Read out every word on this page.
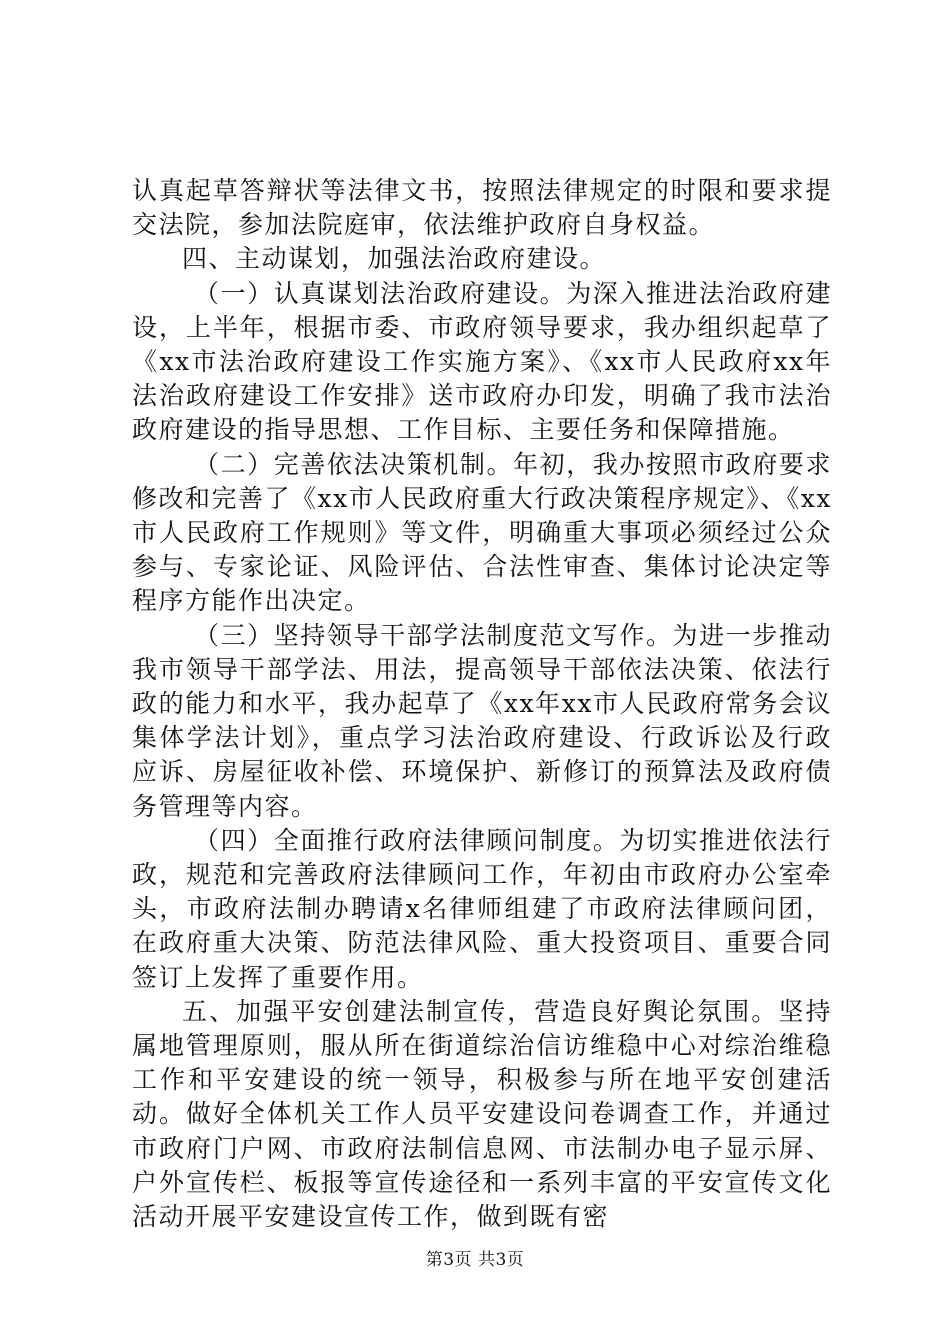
认真起草答辩状等法律文书，按照法律规定的时限和要求提交法院，参加法院庭审，依法维护政府自身权益。

四、主动谋划，加强法治政府建设。

（一）认真谋划法治政府建设。为深入推进法治政府建设，上半年，根据市委、市政府领导要求，我办组织起草了《xx市法治政府建设工作实施方案》、《xx市人民政府xx年法治政府建设工作安排》送市政府办印发，明确了我市法治政府建设的指导思想、工作目标、主要任务和保障措施。

（二）完善依法决策机制。年初，我办按照市政府要求修改和完善了《xx市人民政府重大行政决策程序规定》、《xx市人民政府工作规则》等文件，明确重大事项必须经过公众参与、专家论证、风险评估、合法性审查、集体讨论决定等程序方能作出决定。

（三）坚持领导干部学法制度范文写作。为进一步推动我市领导干部学法、用法，提高领导干部依法决策、依法行政的能力和水平，我办起草了《xx年xx市人民政府常务会议集体学法计划》，重点学习法治政府建设、行政诉讼及行政应诉、房屋征收补偿、环境保护、新修订的预算法及政府债务管理等内容。

（四）全面推行政府法律顾问制度。为切实推进依法行政，规范和完善政府法律顾问工作，年初由市政府办公室牵头，市政府法制办聘请x名律师组建了市政府法律顾问团，在政府重大决策、防范法律风险、重大投资项目、重要合同签订上发挥了重要作用。

五、加强平安创建法制宣传，营造良好舆论氛围。坚持属地管理原则，服从所在街道综治信访维稳中心对综治维稳工作和平安建设的统一领导，积极参与所在地平安创建活动。做好全体机关工作人员平安建设问卷调查工作，并通过市政府门户网、市政府法制信息网、市法制办电子显示屏、户外宣传栏、板报等宣传途径和一系列丰富的平安宣传文化活动开展平安建设宣传工作，做到既有密

第3页 共3页
